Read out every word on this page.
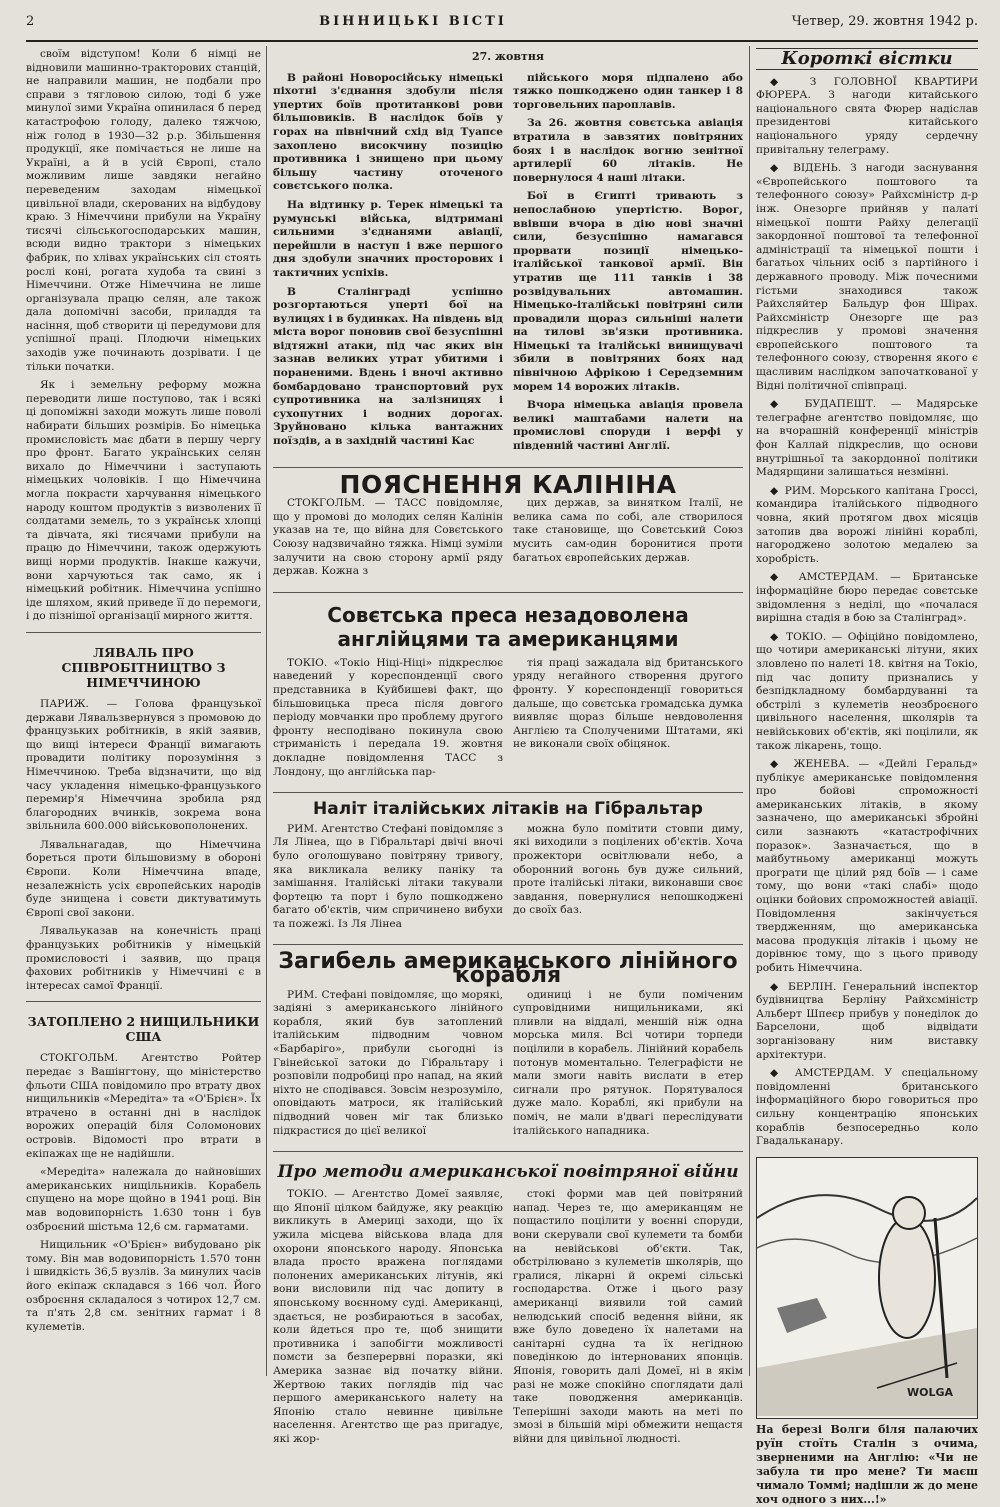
2	ВІННИЦЬКІ ВІСТІ	Четвер, 29. жовтня 1942 р.

своїм відступом! Коли б німці не відновили машинно-тракторових станцій, не направили машин, не подбали про справи з тягловою силою, тоді б уже минулої зими Україна опинилася б перед катастрофою голоду, далеко тяжчою, ніж голод в 1930—32 р.р. Збільшення продукції, яке помічається не лише на Україні, а й в усій Європі, стало можливим лише завдяки негайно переведеним заходам німецької цивільної влади, скерованих на відбудову краю. З Німеччини прибули на Україну тисячі сільськогосподарських машин, всюди видно трактори з німецьких фабрик, по хлівах українських сіл стоять рослі коні, рогата худоба та свині з Німеччини. Отже Німеччина не лише організувала працю селян, але також дала допомічні засоби, приладдя та насіння, щоб створити ці передумови для успішної праці. Плодючи німецьких заходів уже починають дозрівати. І це тільки початки.

Як і земельну реформу можна переводити лише поступово, так і всякі ці допоміжні заходи можуть лише поволі набирати більших розмірів. Бо німецька промисловість має дбати в першу чергу про фронт. Багато українських селян вихало до Німеччини і заступають німецьких чоловіків. І що Німеччина могла покрасти харчування німецького народу коштом продуктів з визволених її солдатами земель, то з українськ хлопці та дівчата, які тисячами прибули на працю до Німеччини, також одержують вищі норми продуктів. Інакше кажучи, вони харчуються так само, як і німецький робітник. Німеччина успішно іде шляхом, який приведе її до перемоги, і до пізнішої організації мирного життя.

ЛЯВАЛЬ ПРО СПІВРОБІТНИЦТВО З НІМЕЧЧИНОЮ

ПАРИЖ. — Голова французької держави Лявальзвернувся з промовою до французьких робітників, в якій заявив, що вищі інтереси Франції вимагають провадити політику порозуміння з Німеччиною. Треба відзначити, що від часу укладення німецько-французького перемир'я Німеччина зробила ряд благородних вчинків, зокрема вона звільнила 600.000 військовополонених.

Лявальнагадав, що Німеччина бореться проти більшовизму в обороні Європи. Коли Німеччина впаде, незалежність усіх європейських народів буде знищена і совєти диктуватимуть Європі свої закони.

Лявальуказав на конечність праці французьких робітників у німецькій промисловості і заявив, що праця фахових робітників у Німеччині є в інтересах самої Франції.

ЗАТОПЛЕНО 2 НИЩИЛЬНИКИ США

СТОКГОЛЬМ. Агентство Ройтер передає з Вашінгтону, що міністерство фльоти США повідомило про втрату двох нищильників «Мередіта» та «О'Брієн». Їх втрачено в останні дні в наслідок ворожих операцій біля Соломонових островів. Відомості про втрати в екіпажах ще не надійшли.

«Мередіта» належала до найновіших американських нищільників. Корабель спущено на море щойно в 1941 році. Він мав водовипорність 1.630 тонн і був озброєний шістьма 12,6 см. гарматами.

Нищильник «О'Брієн» вибудовано рік тому. Він мав водовипорність 1.570 тонн і швидкість 36,5 вузлів. За минулих часів його екіпаж складався з 166 чол. Його озброєння складалося з чотирох 12,7 см. та п'ять 2,8 см. зенітних гармат і 8 кулеметів.

27. жовтня

В районі Новоросійську німецькі піхотні з'єднання здобули після упертих боїв протитанкові рови більшовиків. В наслідок боїв у горах на північний схід від Туапсе захоплено високчину позицію противника і знищено при цьому більшу частину оточеного совєтського полка.

На відтинку р. Терек німецькі та румунські війська, відтримані сильними з'єднанями авіації, перейшли в наступ і вже першого дня здобули значних просторових і тактичних успіхів.

В Сталінграді успішно розгортаються уперті бої на вулицях і в будинках. На південь від міста ворог поновив свої безуспішні відтяжні атаки, під час яких він зазнав великих утрат убитими і пораненими. Вдень і вночі активно бомбардовано транспортовий рух супротивника на залізницях і сухопутних і водних дорогах. Зруйновано кілька вантажних поїздів, а в західній частині Кас

пійського моря підпалено або тяжко пошкоджено один танкер і 8 торговельних пароплавів.

За 26. жовтня совєтська авіація втратила в завзятих повітряних боях і в наслідок вогню зенітної артилерії 60 літаків. Не повернулося 4 наші літаки.

Бої в Єгипті тривають з непослабною упертістю. Ворог, ввівши вчора в дію нові значні сили, безуспішно намагався прорвати позиції німецько-італійської танкової армії. Він утратив ще 111 танків і 38 розвідувальних автомашин. Німецько-італійські повітряні сили провадили щораз сильніші налети на тилові зв'язки противника. Німецькі та італійські винищувачі збили в повітряних боях над північною Афрікою і Середземним морем 14 ворожих літаків.

Вчора німецька авіація провела великі маштабами налети на промислові споруди і верфі у південній частині Англії.

ПОЯСНЕННЯ КАЛІНІНА

СТОКГОЛЬМ. — ТАСС повідомляє, що у промові до молодих селян Калінін указав на те, що війна для Совєтського Союзу надзвичайно тяжка. Німці зуміли залучити на свою сторону армії ряду держав. Кожна з

цих держав, за винятком Італії, не велика сама по собі, але створилося таке становище, що Совєтський Союз мусить сам-один боронитися проти багатьох європейських держав.

Совєтська преса незадоволена англійцями та американцями

ТОКІО. «Токіо Ніці-Ніці» підкреслює наведений у кореспонденції свого представника в Куйбишеві факт, що більшовицька преса після довгого періоду мовчанки про проблему другого фронту несподівано покинула свою стриманість і передала 19. жовтня докладне повідомлення ТАСС з Лондону, що англійська пар-

тія праці зажадала від британського уряду негайного створення другого фронту. У кореспонденції говориться дальше, що совєтська громадська думка виявляє щораз більше невдоволення Англією та Сполученими Штатами, які не виконали своїх обіцянок.

Наліт італійських літаків на Гібральтар

РИМ. Агентство Стефані повідомляє з Ля Лінеа, що в Гібральтарі двічі вночі було оголошувано повітряну тривогу, яка викликала велику паніку та замішання. Італійські літаки такували фортецю та порт і було пошкоджено багато об'єктів, чим спричинено вибухи та пожежі. Із Ля Лінеа

можна було помітити стовпи диму, які виходили з поцілених об'єктів. Хоча прожектори освітлювали небо, а оборонний вогонь був дуже сильний, проте італійські літаки, виконавши своє завдання, повернулися непошкоджені до своїх баз.

Загибель американського лінійного корабля

РИМ. Стефані повідомляє, що морякі, задіяні з американського лінійного корабля, який був затоплений італійським підводним човном «Барбаріго», прибули сьогодні із Гвінейської затоки до Гібральтару і розповіли подробиці про напад, на який ніхто не сподівався. Зовсім незрозуміло, оповідають матроси, як італійський підводний човен міг так близько підкрастися до цієї великої

одиниці і не були поміченим супровідними нищильниками, які пливли на віддалі, меншій ніж одна морська миля. Всі чотири торпеди поцілили в корабель. Лінійний корабель потонув моментально. Телеграфісти не мали змоги навіть вислати в етер сигнали про рятунок. Порятувалося дуже мало. Кораблі, які прибули на поміч, не мали в'двагі переслідувати італійського нападника.

Про методи американської повітряної війни

ТОКІО. — Агентство Домеї заявляє, що Японії цілком байдуже, яку реакцію викликуть в Америці заходи, що їх ужила місцева військова влада для охорони японського народу. Японська влада просто вражена поглядами полонених американських літунів, які вони висловили під час допиту в японському воєнному суді. Американці, здається, не розбираються в засобах, коли йдеться про те, щоб знищити противника і запобігти можливості помсти за безперервні поразки, які Америка зазнає від початку війни. Жертвою таких поглядів під час першого американського налету на Японію стало невинне цивільне населення. Агентство ще раз пригадує, які жор-

стокі форми мав цей повітряний напад. Через те, що американцям не пощастило поцілити у воєнні споруди, вони скерували свої кулемети та бомби на невійськові об'єкти. Так, обстрілювано з кулеметів школярів, що гралися, лікарні й окремі сільські господарства. Отже і цього разу американці виявили той самий нелюдський спосіб ведення війни, як вже було доведено їх налетами на санітарні судна та їх негідною поведінкою до інтернованих японців. Японія, говорить далі Домеї, ні в якім разі не може спокійно споглядати далі таке поводження американців. Теперішні заходи мають на меті по змозі в більшій мірі обмежити нещастя війни для цивільної людності.

Короткі вістки

◆ З ГОЛОВНОЇ КВАРТИРИ ФЮРЕРА. З нагоди китайського національного свята Фюрер надіслав президентові китайського національного уряду сердечну привітальну телеграму.

◆ ВІДЕНЬ. З нагоди заснування «Європейського поштового та телефонного союзу» Райхсміністр д-р інж. Онезорге прийняв у палаті німецької пошти Райху делегації закордонної поштової та телефонної адміністрації та німецької пошти і багатьох чільних осіб з партійного і державного проводу. Між почесними гістьми знаходився також Райхсляйтер Бальдур фон Шірах. Райхсміністр Онезорге ще раз підкреслив у промові значення європейського поштового та телефонного союзу, створення якого є щасливим наслідком започаткованої у Відні політичної співпраці.

◆ БУДАПЕШТ. — Мадярське телеграфне агентство повідомляє, що на вчорашній конференції міністрів фон Каллай підкреслив, що основи внутрішньої та закордонної політики Мадярщини залишаться незмінні.

◆ РИМ. Морського капітана Гроссі, командира італійського підводного човна, який протягом двох місяців затопив два ворожі лінійні кораблі, нагороджено золотою медалею за хоробрість.

◆ АМСТЕРДАМ. — Британське інформаційне бюро передає совєтське звідомлення з неділі, що «почалася вирішна стадія в бою за Сталінград».

◆ ТОКІО. — Офіційно повідомлено, що чотири американські літуни, яких зловлено по налеті 18. квітня на Токіо, під час допиту признались у безпідкладному бомбардуванні та обстрілі з кулеметів неозброєного цивільного населення, школярів та невійськових об'єктів, які поцілили, як також лікарень, тощо.

◆ ЖЕНЕВА. — «Дейлі Геральд» публікує американське повідомлення про бойові спроможності американських літаків, в якому зазначено, що американські збройні сили зазнають «катастрофічних поразок». Зазначається, що в майбутньому американці можуть програти ще цілий ряд боїв — і саме тому, що вони «такі слабі» щодо оцінки бойових спроможностей авіації. Повідомлення закінчується твердженням, що американська масова продукція літаків і цьому не дорівнює тому, що з цього приводу робить Німеччина.

◆ БЕРЛІН. Генеральний інспектор будівництва Берліну Райхсміністр Альберт Шпеєр прибув у понеділок до Барселони, щоб відвідати зорганізовану ним виставку архітектури.

◆ АМСТЕРДАМ. У спеціальному повідомленні британського інформаційного бюро говориться про сильну концентрацію японських кораблів безпосередньо коло Гвадальканару.

WOLGA
На березі Волги біля палаючих руїн стоїть Сталін з очима, зверненими на Англію: «Чи не забула ти про мене? Ти маєш чимало Томмі; надішли ж до мене хоч одного з них...!»
